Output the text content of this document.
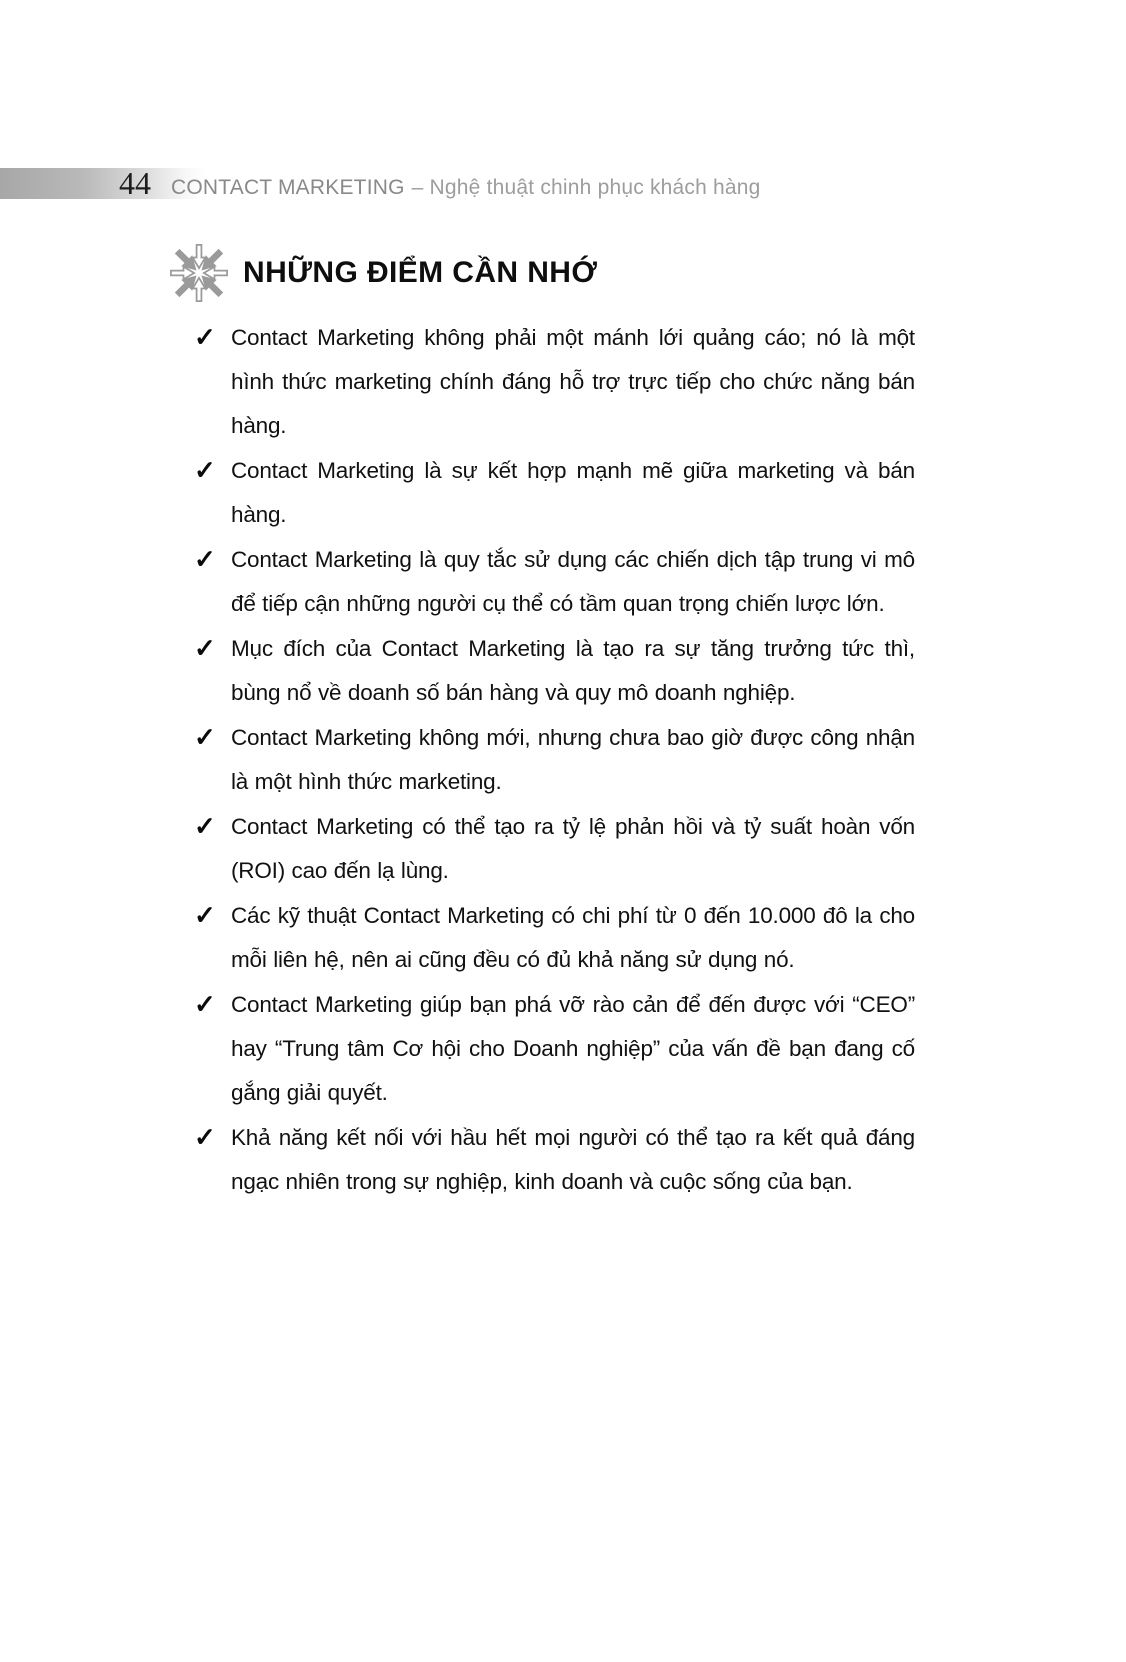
44 CONTACT MARKETING – Nghệ thuật chinh phục khách hàng
NHỮNG ĐIỂM CẦN NHỚ
✓ Contact Marketing không phải một mánh lới quảng cáo; nó là một hình thức marketing chính đáng hỗ trợ trực tiếp cho chức năng bán hàng.

✓ Contact Marketing là sự kết hợp mạnh mẽ giữa marketing và bán hàng.

✓ Contact Marketing là quy tắc sử dụng các chiến dịch tập trung vi mô để tiếp cận những người cụ thể có tầm quan trọng chiến lược lớn.

✓ Mục đích của Contact Marketing là tạo ra sự tăng trưởng tức thì, bùng nổ về doanh số bán hàng và quy mô doanh nghiệp.

✓ Contact Marketing không mới, nhưng chưa bao giờ được công nhận là một hình thức marketing.

✓ Contact Marketing có thể tạo ra tỷ lệ phản hồi và tỷ suất hoàn vốn (ROI) cao đến lạ lùng.

✓ Các kỹ thuật Contact Marketing có chi phí từ 0 đến 10.000 đô la cho mỗi liên hệ, nên ai cũng đều có đủ khả năng sử dụng nó.

✓ Contact Marketing giúp bạn phá vỡ rào cản để đến được với “CEO” hay “Trung tâm Cơ hội cho Doanh nghiệp” của vấn đề bạn đang cố gắng giải quyết.

✓ Khả năng kết nối với hầu hết mọi người có thể tạo ra kết quả đáng ngạc nhiên trong sự nghiệp, kinh doanh và cuộc sống của bạn.
